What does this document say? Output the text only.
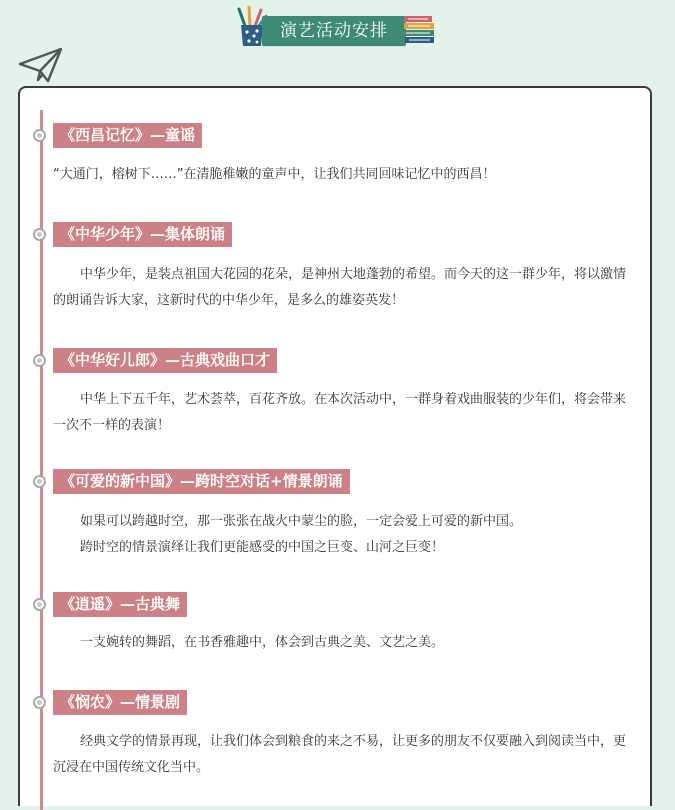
演艺活动安排
《西昌记忆》—童谣

“大通门，榕树下……”在清脆稚嫩的童声中，让我们共同回味记忆中的西昌！

《中华少年》—集体朗诵

中华少年，是装点祖国大花园的花朵，是神州大地蓬勃的希望。而今天的这一群少年，将以激情的朗诵告诉大家，这新时代的中华少年，是多么的雄姿英发！

《中华好儿郎》—古典戏曲口才

中华上下五千年，艺术荟萃，百花齐放。在本次活动中，一群身着戏曲服装的少年们，将会带来一次不一样的表演！

《可爱的新中国》—跨时空对话+情景朗诵

如果可以跨越时空，那一张张在战火中蒙尘的脸，一定会爱上可爱的新中国。

跨时空的情景演绎让我们更能感受的中国之巨变、山河之巨变！

《逍遥》—古典舞

一支婉转的舞蹈，在书香雅趣中，体会到古典之美、文艺之美。

《悯农》—情景剧

经典文学的情景再现，让我们体会到粮食的来之不易，让更多的朋友不仅要融入到阅读当中，更沉浸在中国传统文化当中。
